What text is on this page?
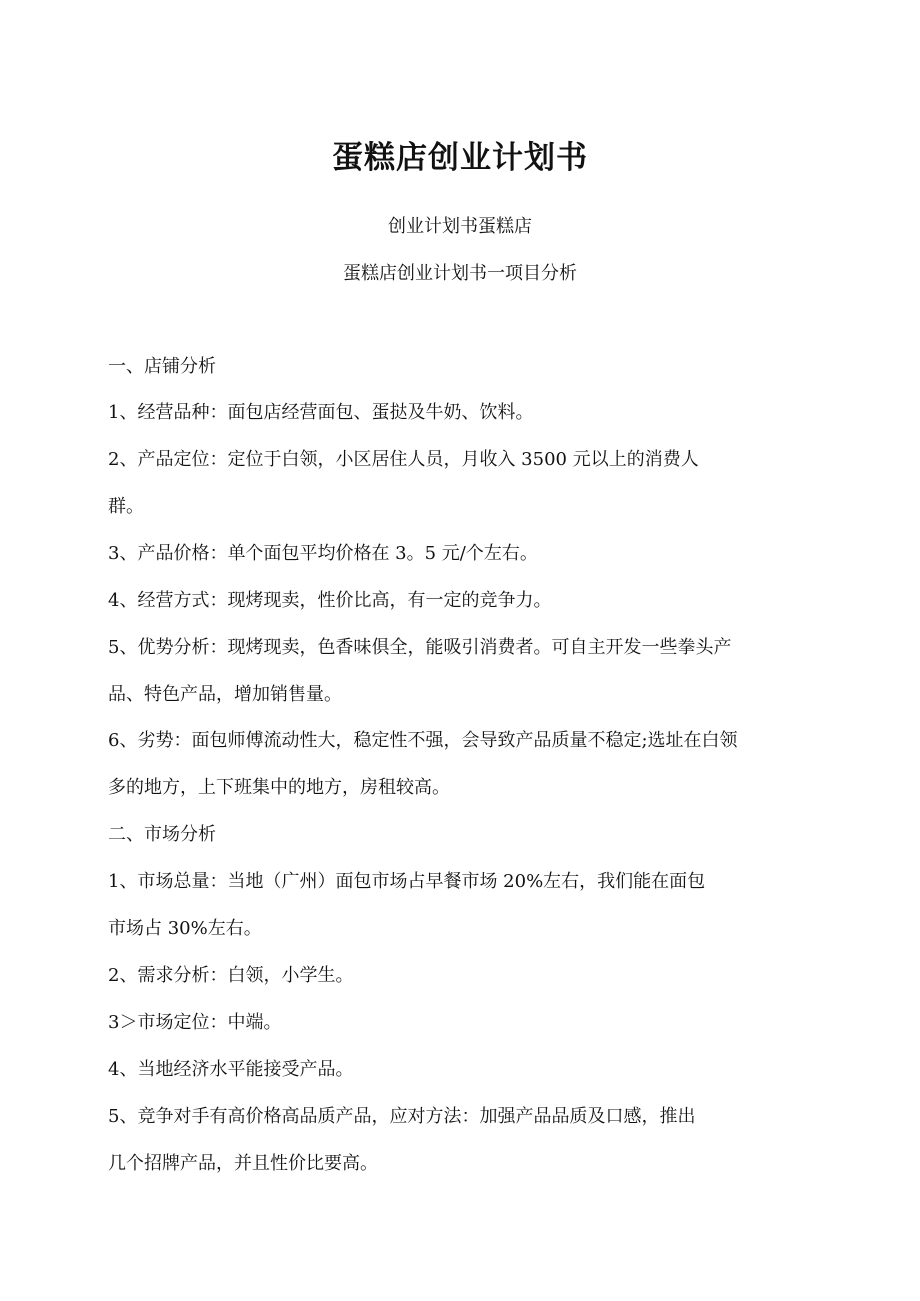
蛋糕店创业计划书

创业计划书蛋糕店

蛋糕店创业计划书一项目分析

一、店铺分析

1、经营品种：面包店经营面包、蛋挞及牛奶、饮料。

2、产品定位：定位于白领，小区居住人员，月收入 3500 元以上的消费人

群。

3、产品价格：单个面包平均价格在 3。5 元/个左右。

4、经营方式：现烤现卖，性价比高，有一定的竞争力。

5、优势分析：现烤现卖，色香味俱全，能吸引消费者。可自主开发一些拳头产

品、特色产品，增加销售量。

6、劣势：面包师傅流动性大，稳定性不强，会导致产品质量不稳定;选址在白领

多的地方，上下班集中的地方，房租较高。

二、市场分析

1、市场总量：当地（广州）面包市场占早餐市场 20%左右，我们能在面包

市场占 30%左右。

2、需求分析：白领，小学生。

3＞市场定位：中端。

4、当地经济水平能接受产品。

5、竞争对手有高价格高品质产品，应对方法：加强产品品质及口感，推出

几个招牌产品，并且性价比要高。
